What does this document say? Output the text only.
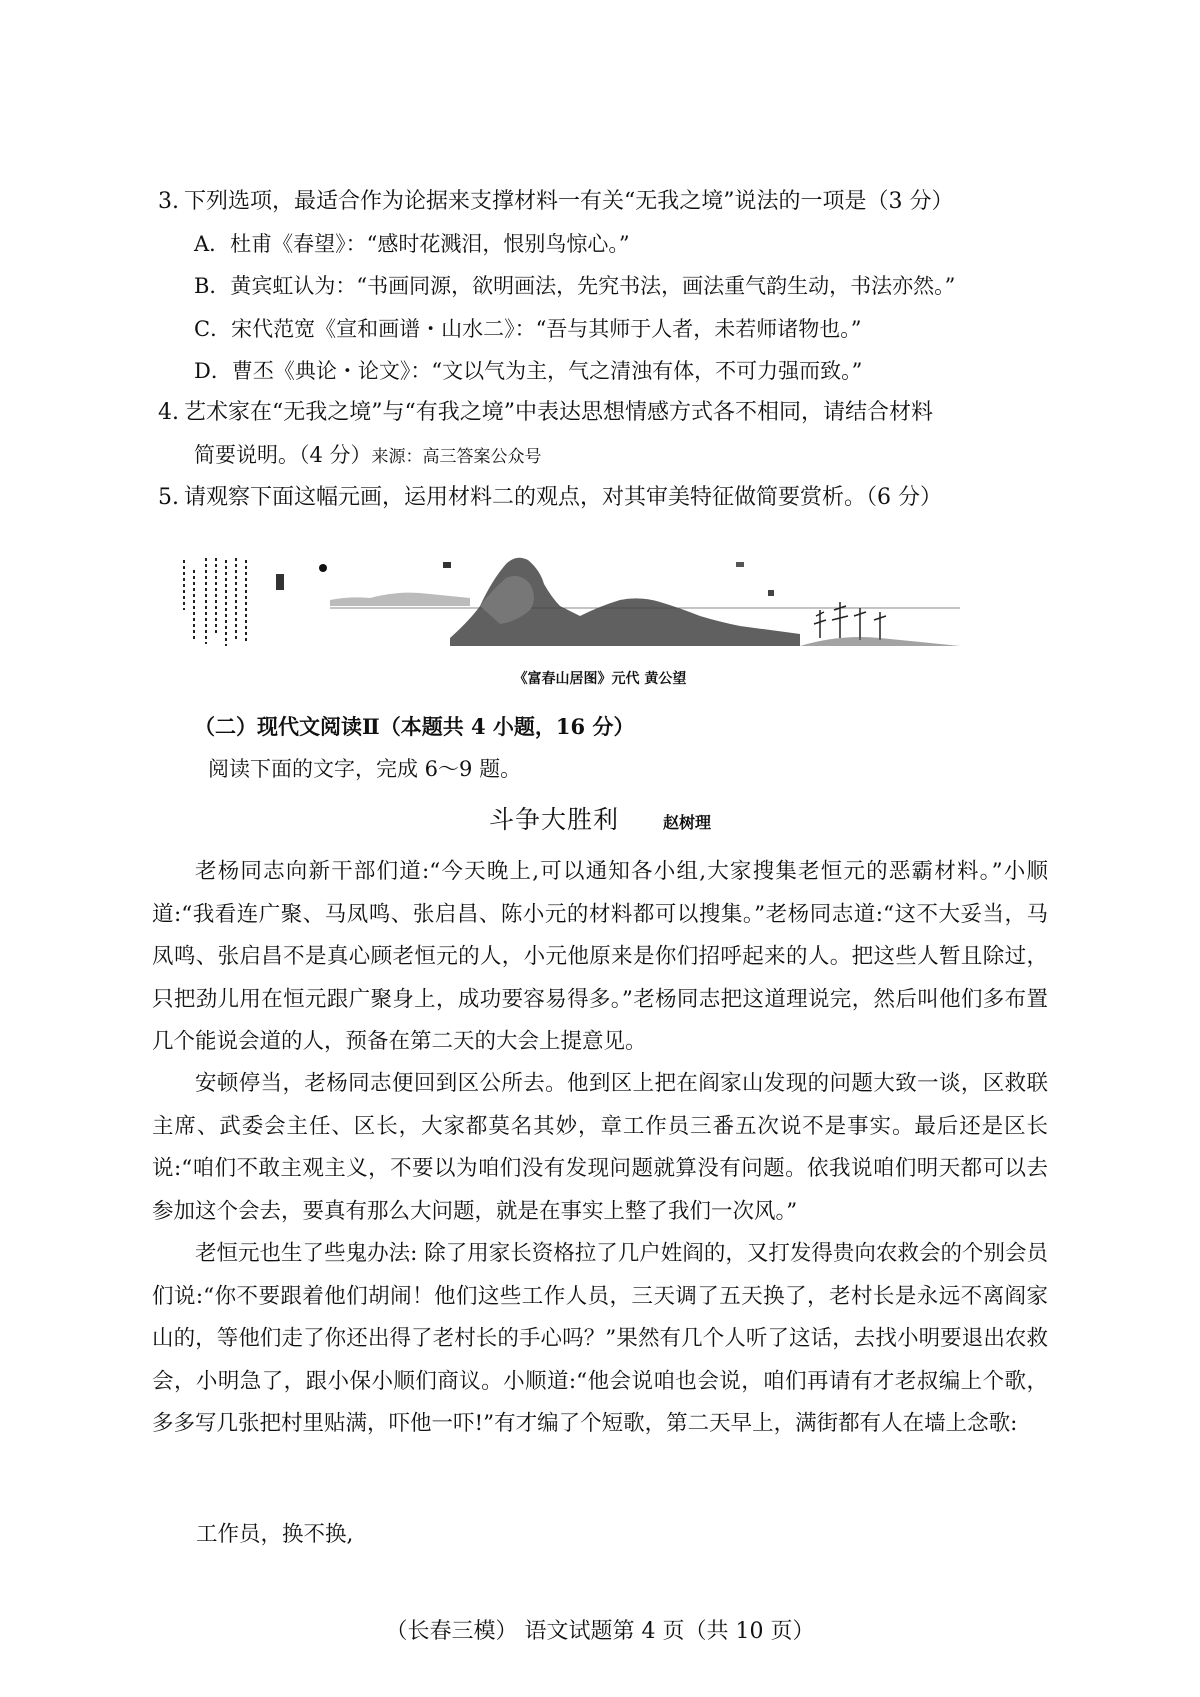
3. 下列选项，最适合作为论据来支撑材料一有关“无我之境”说法的一项是（3 分）
A．杜甫《春望》：“感时花溅泪，恨别鸟惊心。”
B．黄宾虹认为：“书画同源，欲明画法，先究书法，画法重气韵生动，书法亦然。”
C．宋代范宽《宣和画谱・山水二》：“吾与其师于人者，未若师诸物也。”
D．曹丕《典论・论文》：“文以气为主，气之清浊有体，不可力强而致。”
4. 艺术家在“无我之境”与“有我之境”中表达思想情感方式各不相同，请结合材料
简要说明。（4 分）来源：高三答案公众号
5. 请观察下面这幅元画，运用材料二的观点，对其审美特征做简要赏析。（6 分）
《富春山居图》元代 黄公望
（二）现代文阅读Ⅱ（本题共 4 小题，16 分）
阅读下面的文字，完成 6～9 题。
斗争大胜利	赵树理
老杨同志向新干部们道:“今天晚上,可以通知各小组,大家搜集老恒元的恶霸材料。”小顺道:“我看连广聚、马凤鸣、张启昌、陈小元的材料都可以搜集。”老杨同志道:“这不大妥当，马凤鸣、张启昌不是真心顾老恒元的人，小元他原来是你们招呼起来的人。把这些人暂且除过，只把劲儿用在恒元跟广聚身上，成功要容易得多。”老杨同志把这道理说完，然后叫他们多布置几个能说会道的人，预备在第二天的大会上提意见。
安顿停当，老杨同志便回到区公所去。他到区上把在阎家山发现的问题大致一谈，区救联主席、武委会主任、区长，大家都莫名其妙，章工作员三番五次说不是事实。最后还是区长说:“咱们不敢主观主义，不要以为咱们没有发现问题就算没有问题。依我说咱们明天都可以去参加这个会去，要真有那么大问题，就是在事实上整了我们一次风。”
老恒元也生了些鬼办法: 除了用家长资格拉了几户姓阎的，又打发得贵向农救会的个别会员们说:“你不要跟着他们胡闹！他们这些工作人员，三天调了五天换了，老村长是永远不离阎家山的，等他们走了你还出得了老村长的手心吗？”果然有几个人听了这话，去找小明要退出农救会，小明急了，跟小保小顺们商议。小顺道:“他会说咱也会说，咱们再请有才老叔编上个歌，多多写几张把村里贴满，吓他一吓!”有才编了个短歌，第二天早上，满街都有人在墙上念歌:
工作员，换不换,
（长春三模） 语文试题第 4 页（共 10 页）
